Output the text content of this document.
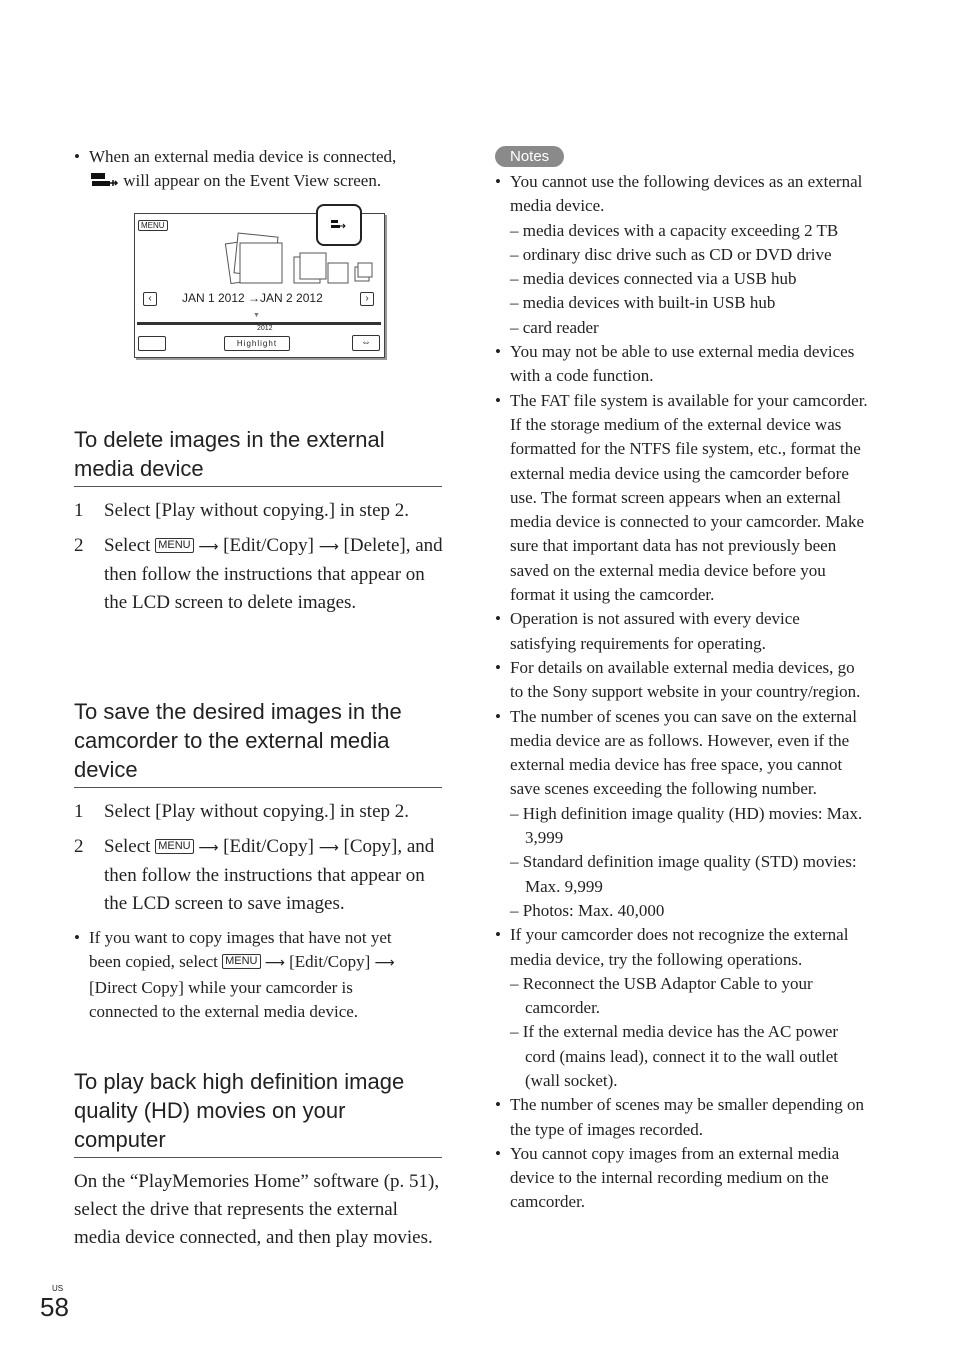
• When an external media device is connected,
will appear on the Event View screen.
MENU
‹	JAN 1 2012 →JAN 2 2012	›
▼
2012
Highlight	⇔
To delete images in the external media device
1 Select [Play without copying.] in step 2.
2 Select MENU ⟶ [Edit/Copy] ⟶ [Delete], and then follow the instructions that appear on the LCD screen to delete images.
To save the desired images in the camcorder to the external media device
1 Select [Play without copying.] in step 2.
2 Select MENU ⟶ [Edit/Copy] ⟶ [Copy], and then follow the instructions that appear on the LCD screen to save images.
• If you want to copy images that have not yet been copied, select MENU ⟶ [Edit/Copy] ⟶ [Direct Copy] while your camcorder is connected to the external media device.
To play back high definition image quality (HD) movies on your computer
On the “PlayMemories Home” software (p. 51), select the drive that represents the external media device connected, and then play movies.
Notes
• You cannot use the following devices as an external media device.
– media devices with a capacity exceeding 2 TB
– ordinary disc drive such as CD or DVD drive
– media devices connected via a USB hub
– media devices with built-in USB hub
– card reader
• You may not be able to use external media devices with a code function.
• The FAT file system is available for your camcorder. If the storage medium of the external device was formatted for the NTFS file system, etc., format the external media device using the camcorder before use. The format screen appears when an external media device is connected to your camcorder. Make sure that important data has not previously been saved on the external media device before you format it using the camcorder.
• Operation is not assured with every device satisfying requirements for operating.
• For details on available external media devices, go to the Sony support website in your country/region.
• The number of scenes you can save on the external media device are as follows. However, even if the external media device has free space, you cannot save scenes exceeding the following number.
– High definition image quality (HD) movies: Max. 3,999
– Standard definition image quality (STD) movies: Max. 9,999
– Photos: Max. 40,000
• If your camcorder does not recognize the external media device, try the following operations.
– Reconnect the USB Adaptor Cable to your camcorder.
– If the external media device has the AC power cord (mains lead), connect it to the wall outlet (wall socket).
• The number of scenes may be smaller depending on the type of images recorded.
• You cannot copy images from an external media device to the internal recording medium on the camcorder.
US
58
